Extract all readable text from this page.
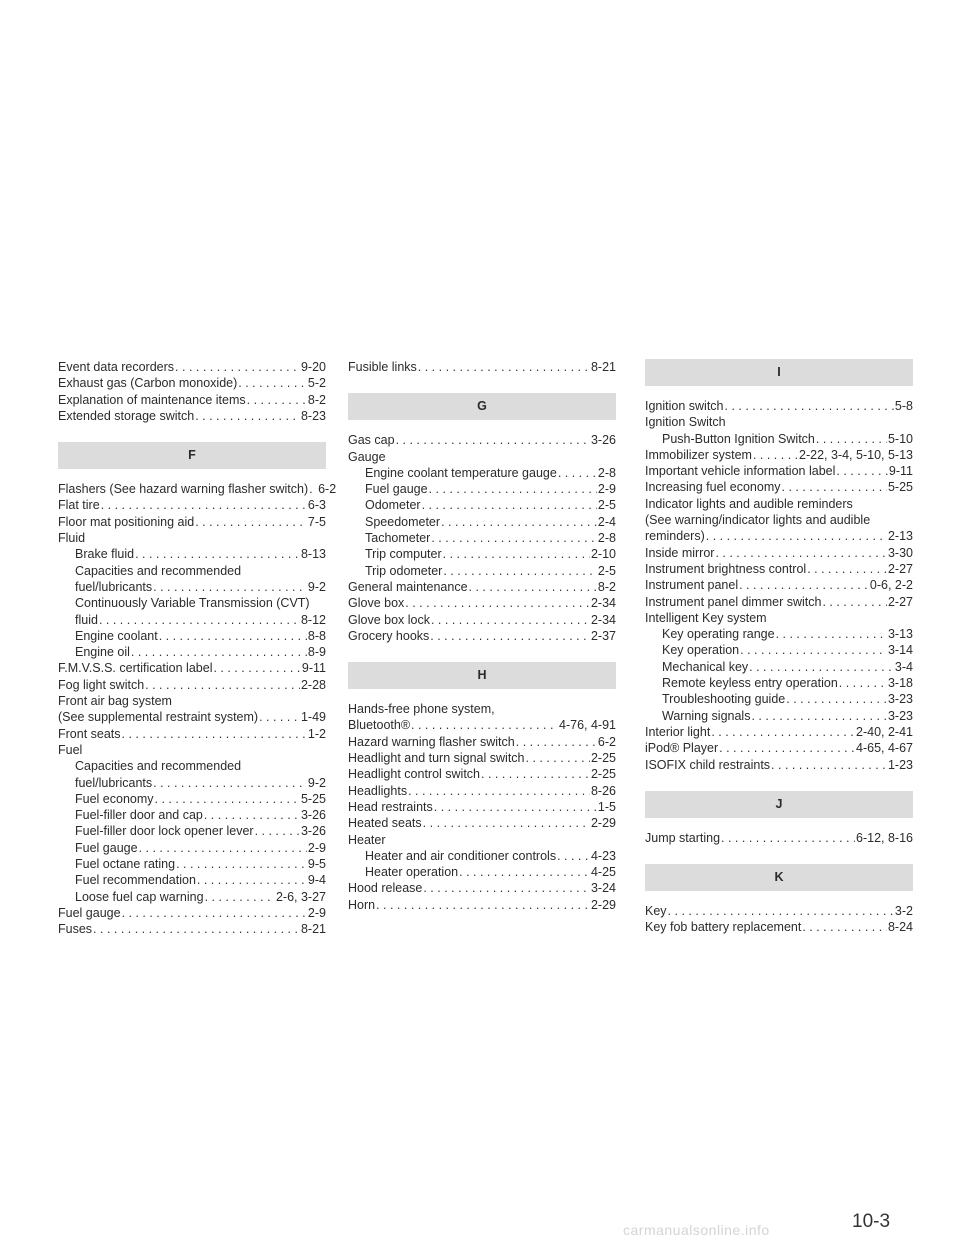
Event data recorders . . .	9-20
Exhaust gas (Carbon monoxide) . . .	5-2
Explanation of maintenance items . . .	8-2
Extended storage switch . . .	8-23
F
Flashers (See hazard warning flasher switch) . . . 6-2
Flat tire . . .	6-3
Floor mat positioning aid . . .	7-5
Fluid
Brake fluid . . .	8-13
Capacities and recommended
fuel/lubricants . . .	9-2
Continuously Variable Transmission (CVT)
fluid . . .	8-12
Engine coolant . . .	8-8
Engine oil . . .	8-9
F.M.V.S.S. certification label . . .	9-11
Fog light switch . . .	2-28
Front air bag system
(See supplemental restraint system) . . .	1-49
Front seats . . .	1-2
Fuel
Capacities and recommended
fuel/lubricants . . .	9-2
Fuel economy . . .	5-25
Fuel-filler door and cap . . .	3-26
Fuel-filler door lock opener lever . . .	3-26
Fuel gauge . . .	2-9
Fuel octane rating . . .	9-5
Fuel recommendation . . .	9-4
Loose fuel cap warning . . .	2-6, 3-27
Fuel gauge . . .	2-9
Fuses . . .	8-21
Fusible links . . .	8-21
G
Gas cap . . .	3-26
Gauge
Engine coolant temperature gauge . . .	2-8
Fuel gauge . . .	2-9
Odometer . . .	2-5
Speedometer . . .	2-4
Tachometer . . .	2-8
Trip computer . . .	2-10
Trip odometer . . .	2-5
General maintenance . . .	8-2
Glove box . . .	2-34
Glove box lock . . .	2-34
Grocery hooks . . .	2-37
H
Hands-free phone system,
Bluetooth® . . .	4-76, 4-91
Hazard warning flasher switch . . .	6-2
Headlight and turn signal switch . . .	2-25
Headlight control switch . . .	2-25
Headlights . . .	8-26
Head restraints . . .	1-5
Heated seats . . .	2-29
Heater
Heater and air conditioner controls . . .	4-23
Heater operation . . .	4-25
Hood release . . .	3-24
Horn . . .	2-29
I
Ignition switch . . .	5-8
Ignition Switch
Push-Button Ignition Switch . . .	5-10
Immobilizer system . . .	2-22, 3-4, 5-10, 5-13
Important vehicle information label . . .	9-11
Increasing fuel economy . . .	5-25
Indicator lights and audible reminders
(See warning/indicator lights and audible
reminders) . . .	2-13
Inside mirror . . .	3-30
Instrument brightness control . . .	2-27
Instrument panel . . .	0-6, 2-2
Instrument panel dimmer switch . . .	2-27
Intelligent Key system
Key operating range . . .	3-13
Key operation . . .	3-14
Mechanical key . . .	3-4
Remote keyless entry operation . . .	3-18
Troubleshooting guide . . .	3-23
Warning signals . . .	3-23
Interior light . . .	2-40, 2-41
iPod® Player . . .	4-65, 4-67
ISOFIX child restraints . . .	1-23
J
Jump starting . . .	6-12, 8-16
K
Key . . .	3-2
Key fob battery replacement . . .	8-24
10-3
carmanualsonline.info
